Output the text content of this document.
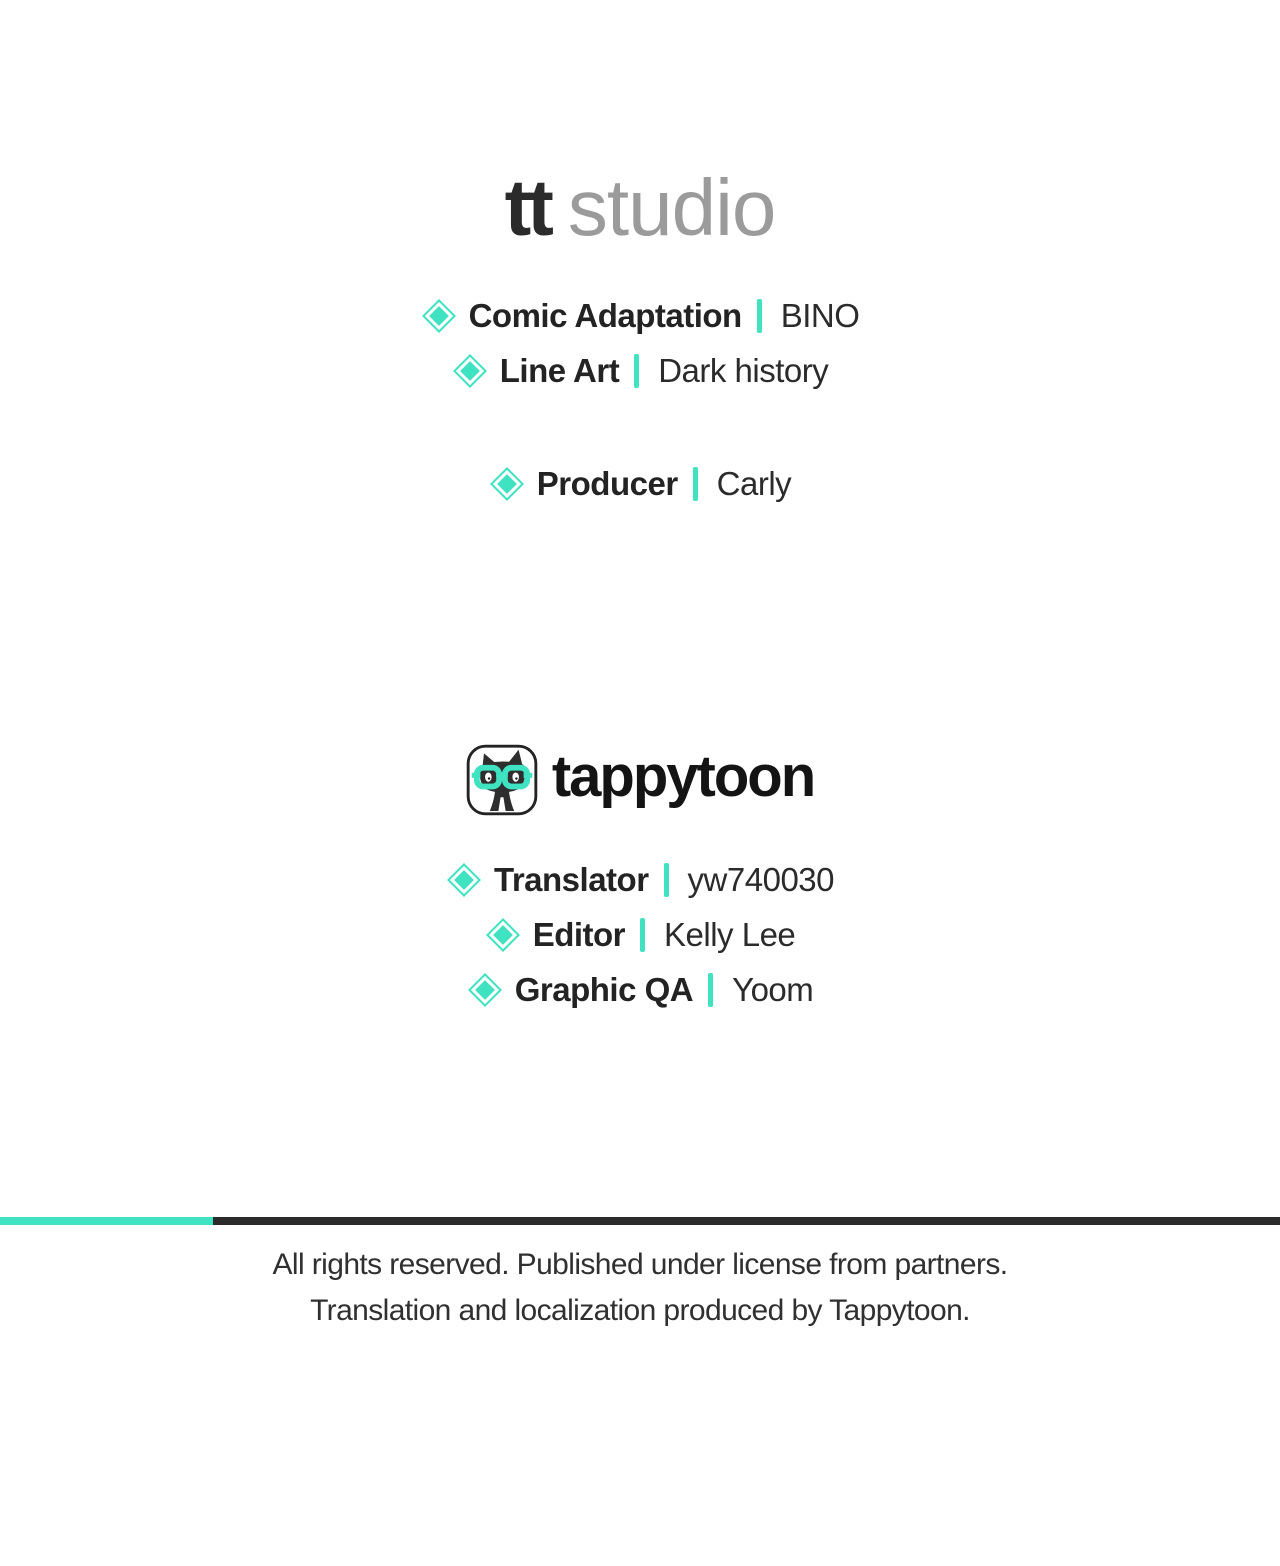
tt studio
Comic Adaptation BINO
Line Art Dark history
Producer Carly
tappytoon
Translator yw740030
Editor Kelly Lee
Graphic QA Yoom
All rights reserved. Published under license from partners.
Translation and localization produced by Tappytoon.
